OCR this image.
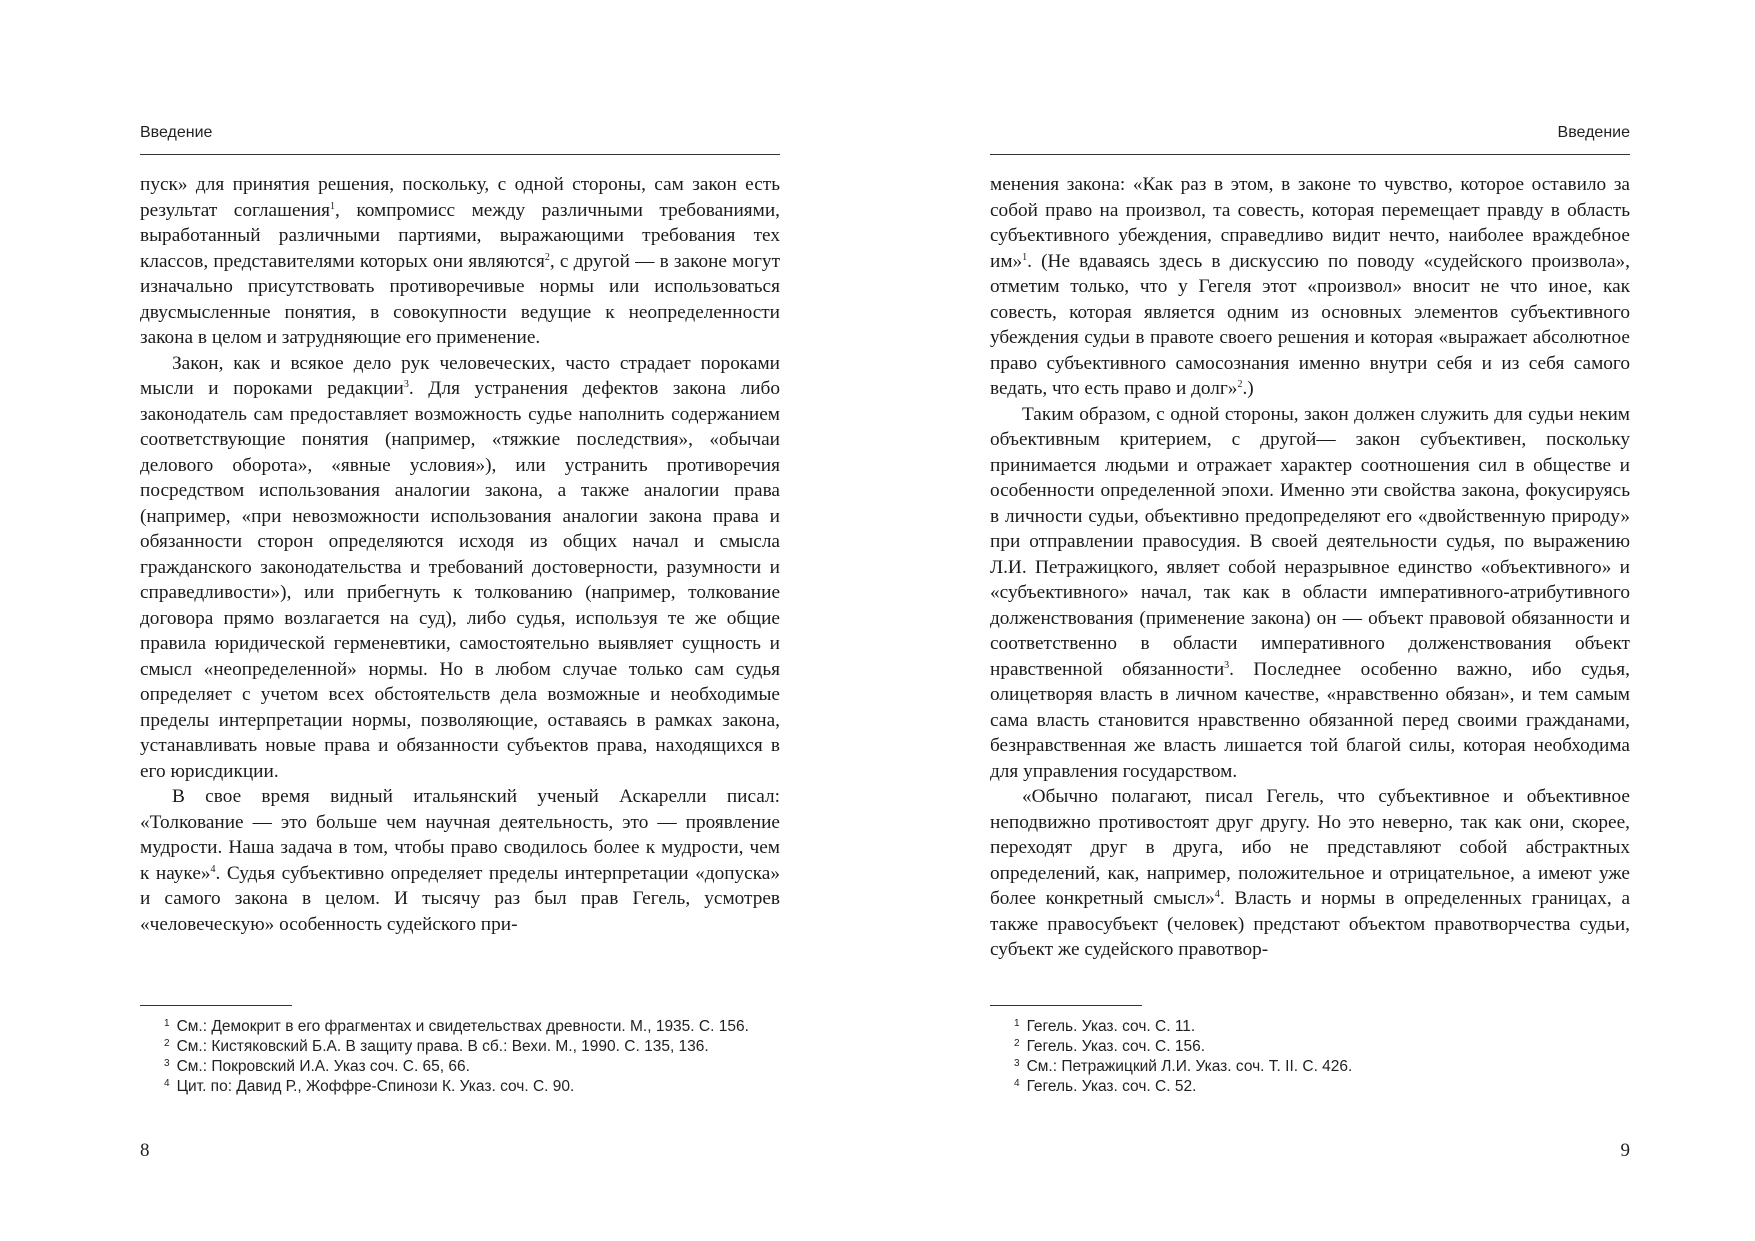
Введение

пуск» для принятия решения, поскольку, с одной стороны, сам закон есть результат соглашения$^1$, компромисс между различными требованиями, выработанный различными партиями, выражающими требования тех классов, представителями которых они являются$^2$, с другой — в законе могут изначально присутствовать противоречивые нормы или использоваться двусмысленные понятия, в совокупности ведущие к неопределенности закона в целом и затрудняющие его применение.

Закон, как и всякое дело рук человеческих, часто страдает пороками мысли и пороками редакции$^3$. Для устранения дефектов закона либо законодатель сам предоставляет возможность судье наполнить содержанием соответствующие понятия (например, «тяжкие последствия», «обычаи делового оборота», «явные условия»), или устранить противоречия посредством использования аналогии закона, а также аналогии права (например, «при невозможности использования аналогии закона права и обязанности сторон определяются исходя из общих начал и смысла гражданского законодательства и требований достоверности, разумности и справедливости»), или прибегнуть к толкованию (например, толкование договора прямо возлагается на суд), либо судья, используя те же общие правила юридической герменевтики, самостоятельно выявляет сущность и смысл «неопределенной» нормы. Но в любом случае только сам судья определяет с учетом всех обстоятельств дела возможные и необходимые пределы интерпретации нормы, позволяющие, оставаясь в рамках закона, устанавливать новые права и обязанности субъектов права, находящихся в его юрисдикции.

В свое время видный итальянский ученый Аскарелли писал: «Толкование — это больше чем научная деятельность, это — проявление мудрости. Наша задача в том, чтобы право сводилось более к мудрости, чем к науке»$^4$. Судья субъективно определяет пределы интерпретации «допуска» и самого закона в целом. И тысячу раз был прав Гегель, усмотрев «человеческую» особенность судейского при-

$^1$ См.: Демокрит в его фрагментах и свидетельствах древности. М., 1935. С. 156.

$^2$ См.: Кистяковский Б.А. В защиту права. В сб.: Вехи. М., 1990. С. 135, 136.

$^3$ См.: Покровский И.А. Указ соч. С. 65, 66.

$^4$ Цит. по: Давид Р., Жоффре-Спинози К. Указ. соч. С. 90.

8
Введение

менения закона: «Как раз в этом, в законе то чувство, которое оставило за собой право на произвол, та совесть, которая перемещает правду в область субъективного убеждения, справедливо видит нечто, наиболее враждебное им»$^1$. (Не вдаваясь здесь в дискуссию по поводу «судейского произвола», отметим только, что у Гегеля этот «произвол» вносит не что иное, как совесть, которая является одним из основных элементов субъективного убеждения судьи в правоте своего решения и которая «выражает абсолютное право субъективного самосознания именно внутри себя и из себя самого ведать, что есть право и долг»$^2$.)

Таким образом, с одной стороны, закон должен служить для судьи неким объективным критерием, с другой— закон субъективен, поскольку принимается людьми и отражает характер соотношения сил в обществе и особенности определенной эпохи. Именно эти свойства закона, фокусируясь в личности судьи, объективно предопределяют его «двойственную природу» при отправлении правосудия. В своей деятельности судья, по выражению Л.И. Петражицкого, являет собой неразрывное единство «объективного» и «субъективного» начал, так как в области императивного-атрибутивного долженствования (применение закона) он — объект правовой обязанности и соответственно в области императивного долженствования объект нравственной обязанности$^3$. Последнее особенно важно, ибо судья, олицетворяя власть в личном качестве, «нравственно обязан», и тем самым сама власть становится нравственно обязанной перед своими гражданами, безнравственная же власть лишается той благой силы, которая необходима для управления государством.

«Обычно полагают, писал Гегель, что субъективное и объективное неподвижно противостоят друг другу. Но это неверно, так как они, скорее, переходят друг в друга, ибо не представляют собой абстрактных определений, как, например, положительное и отрицательное, а имеют уже более конкретный смысл»$^4$. Власть и нормы в определенных границах, а также правосубъект (человек) предстают объектом правотворчества судьи, субъект же судейского правотвор-

$^1$ Гегель. Указ. соч. С. 11.

$^2$ Гегель. Указ. соч. С. 156.

$^3$ См.: Петражицкий Л.И. Указ. соч. Т. II. С. 426.

$^4$ Гегель. Указ. соч. С. 52.

9
